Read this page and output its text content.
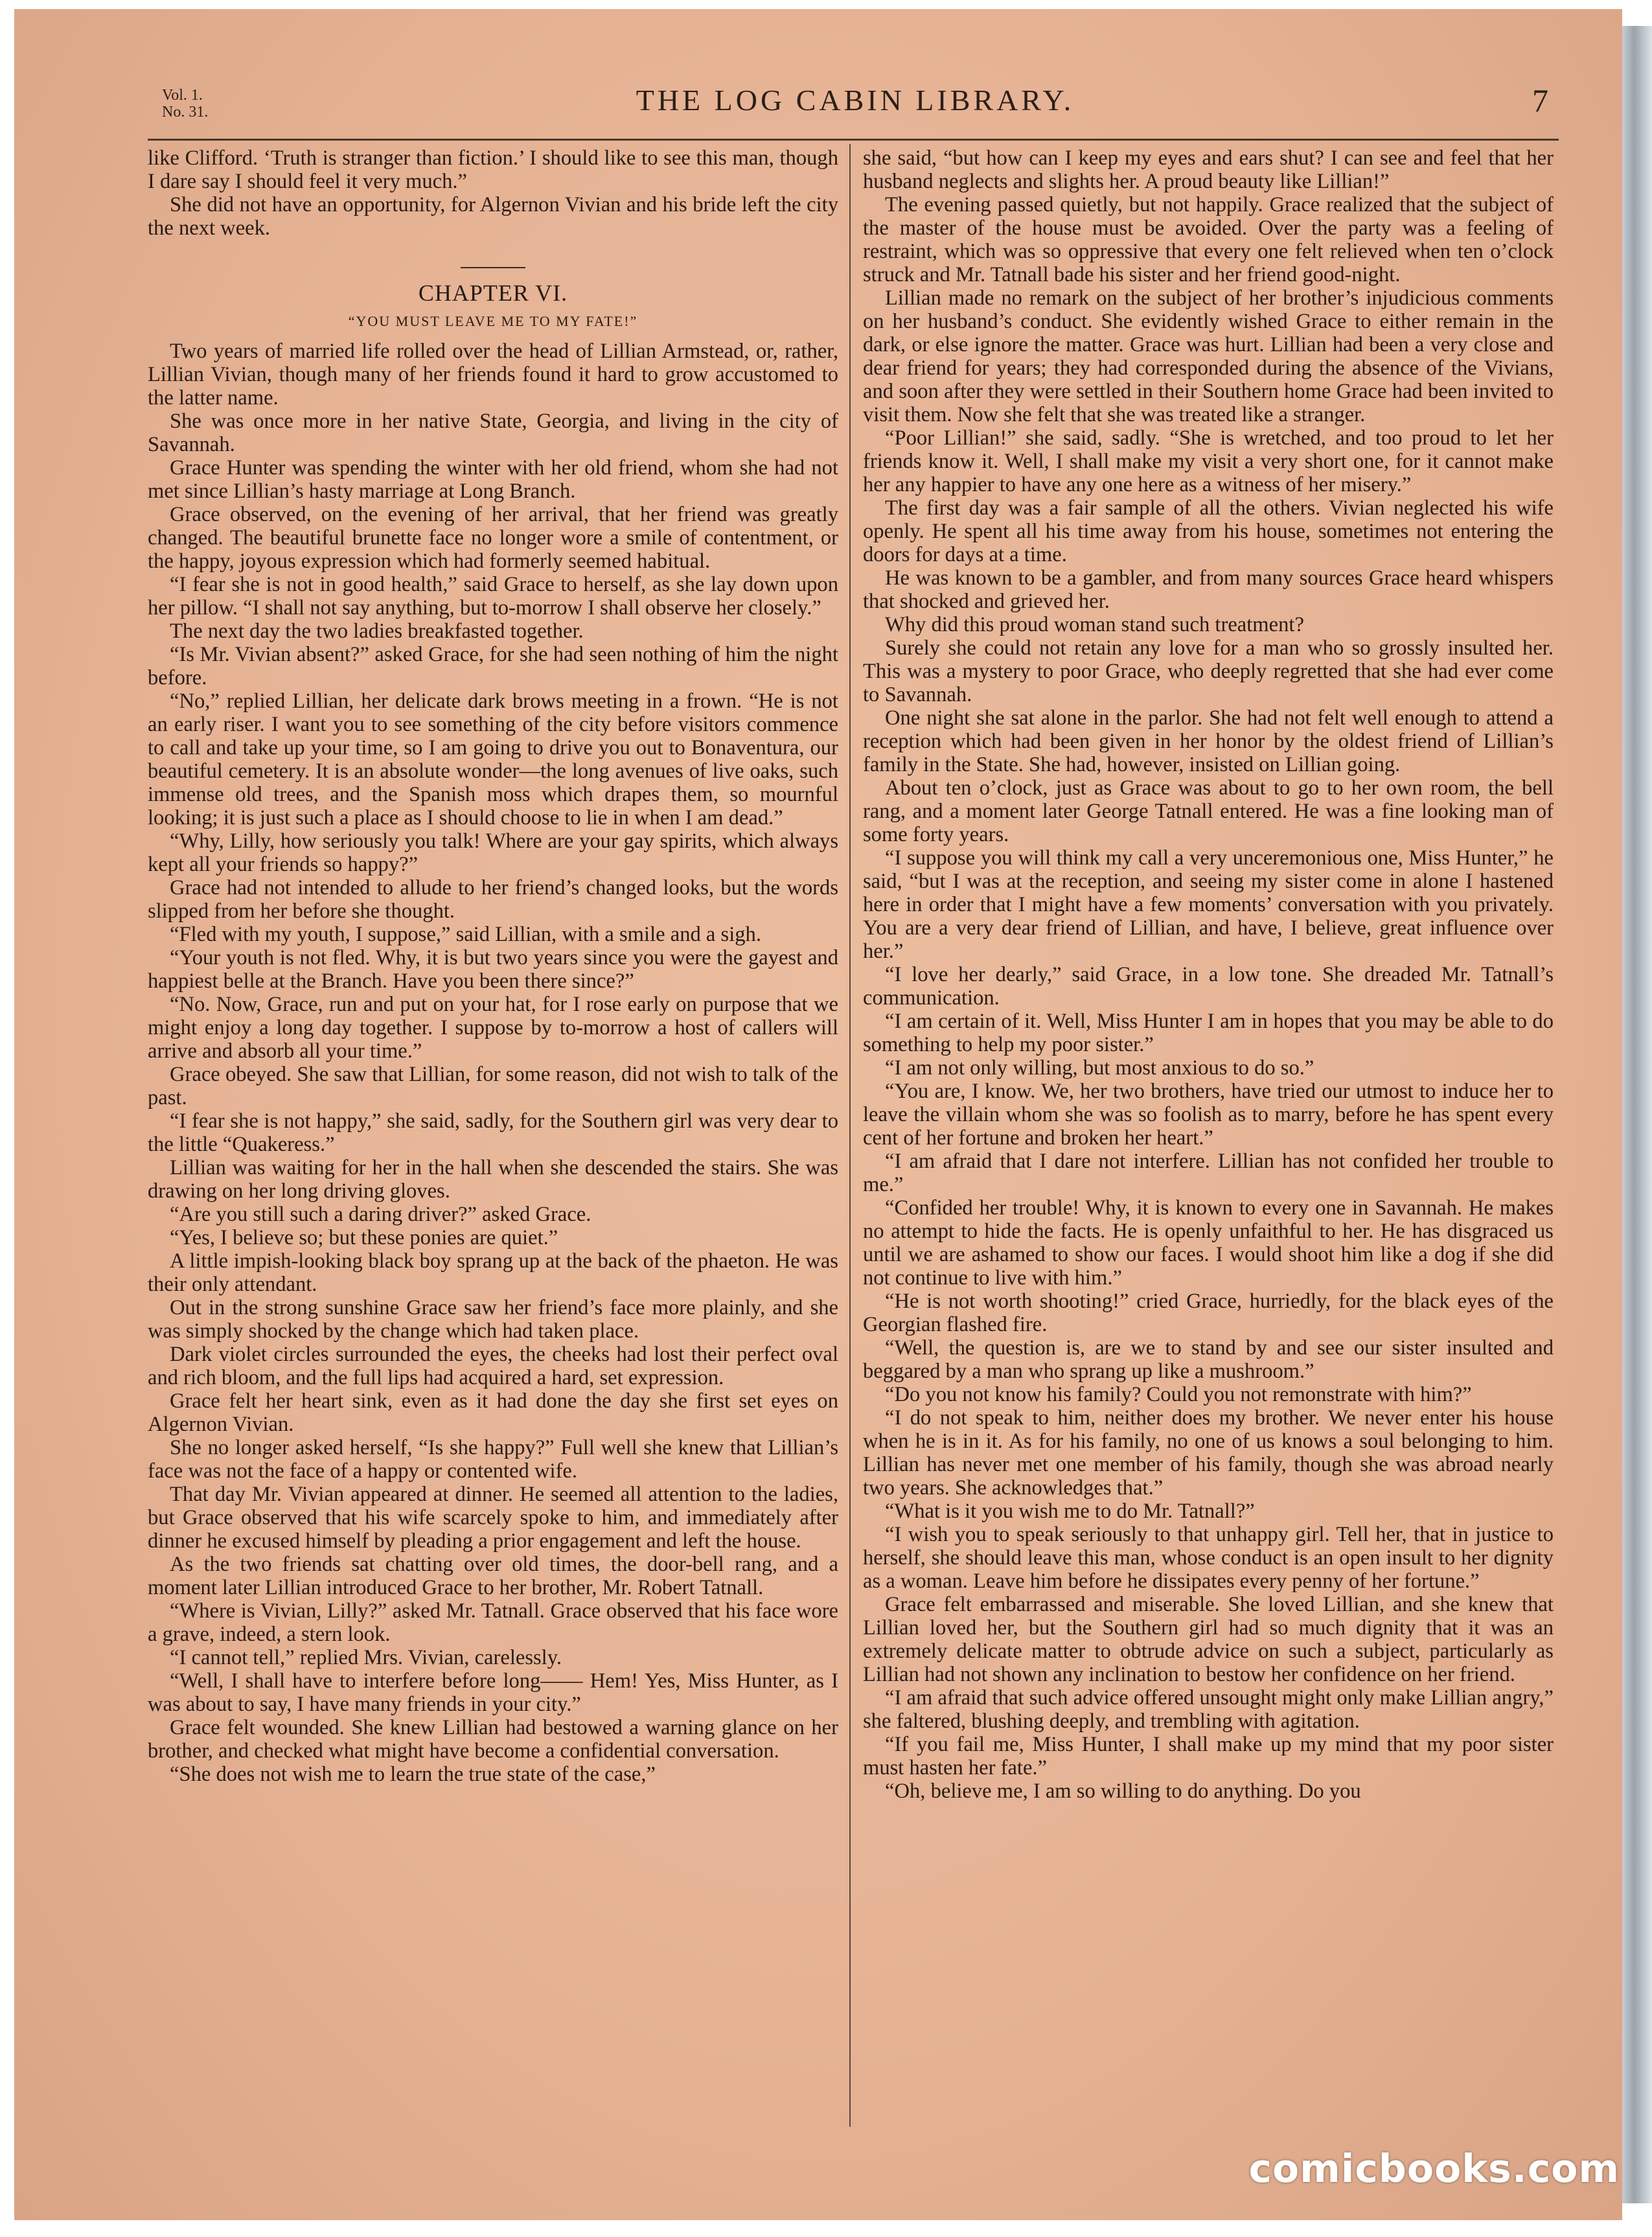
Vol. 1.
No. 31.	THE LOG CABIN LIBRARY.	7

like Clifford. ‘Truth is stranger than fiction.’ I should like to see this man, though I dare say I should feel it very much.”

She did not have an opportunity, for Algernon Vivian and his bride left the city the next week.

CHAPTER VI.
“YOU MUST LEAVE ME TO MY FATE!”

Two years of married life rolled over the head of Lillian Armstead, or, rather, Lillian Vivian, though many of her friends found it hard to grow accustomed to the latter name.

She was once more in her native State, Georgia, and living in the city of Savannah.

Grace Hunter was spending the winter with her old friend, whom she had not met since Lillian’s hasty marriage at Long Branch.

Grace observed, on the evening of her arrival, that her friend was greatly changed. The beautiful brunette face no longer wore a smile of contentment, or the happy, joyous expression which had formerly seemed habitual.

“I fear she is not in good health,” said Grace to herself, as she lay down upon her pillow. “I shall not say anything, but to-morrow I shall observe her closely.”

The next day the two ladies breakfasted together.

“Is Mr. Vivian absent?” asked Grace, for she had seen nothing of him the night before.

“No,” replied Lillian, her delicate dark brows meeting in a frown. “He is not an early riser. I want you to see something of the city before visitors commence to call and take up your time, so I am going to drive you out to Bonaventura, our beautiful cemetery. It is an absolute wonder—the long avenues of live oaks, such immense old trees, and the Spanish moss which drapes them, so mournful looking; it is just such a place as I should choose to lie in when I am dead.”

“Why, Lilly, how seriously you talk! Where are your gay spirits, which always kept all your friends so happy?”

Grace had not intended to allude to her friend’s changed looks, but the words slipped from her before she thought.

“Fled with my youth, I suppose,” said Lillian, with a smile and a sigh.

“Your youth is not fled. Why, it is but two years since you were the gayest and happiest belle at the Branch. Have you been there since?”

“No. Now, Grace, run and put on your hat, for I rose early on purpose that we might enjoy a long day together. I suppose by to-morrow a host of callers will arrive and absorb all your time.”

Grace obeyed. She saw that Lillian, for some reason, did not wish to talk of the past.

“I fear she is not happy,” she said, sadly, for the Southern girl was very dear to the little “Quakeress.”

Lillian was waiting for her in the hall when she descended the stairs. She was drawing on her long driving gloves.

“Are you still such a daring driver?” asked Grace.

“Yes, I believe so; but these ponies are quiet.”

A little impish-looking black boy sprang up at the back of the phaeton. He was their only attendant.

Out in the strong sunshine Grace saw her friend’s face more plainly, and she was simply shocked by the change which had taken place.

Dark violet circles surrounded the eyes, the cheeks had lost their perfect oval and rich bloom, and the full lips had acquired a hard, set expression.

Grace felt her heart sink, even as it had done the day she first set eyes on Algernon Vivian.

She no longer asked herself, “Is she happy?” Full well she knew that Lillian’s face was not the face of a happy or contented wife.

That day Mr. Vivian appeared at dinner. He seemed all attention to the ladies, but Grace observed that his wife scarcely spoke to him, and immediately after dinner he excused himself by pleading a prior engagement and left the house.

As the two friends sat chatting over old times, the door-bell rang, and a moment later Lillian introduced Grace to her brother, Mr. Robert Tatnall.

“Where is Vivian, Lilly?” asked Mr. Tatnall. Grace observed that his face wore a grave, indeed, a stern look.

“I cannot tell,” replied Mrs. Vivian, carelessly.

“Well, I shall have to interfere before long—— Hem! Yes, Miss Hunter, as I was about to say, I have many friends in your city.”

Grace felt wounded. She knew Lillian had bestowed a warning glance on her brother, and checked what might have become a confidential conversation.

“She does not wish me to learn the true state of the case,”

she said, “but how can I keep my eyes and ears shut? I can see and feel that her husband neglects and slights her. A proud beauty like Lillian!”

The evening passed quietly, but not happily. Grace realized that the subject of the master of the house must be avoided. Over the party was a feeling of restraint, which was so oppressive that every one felt relieved when ten o’clock struck and Mr. Tatnall bade his sister and her friend good-night.

Lillian made no remark on the subject of her brother’s injudicious comments on her husband’s conduct. She evidently wished Grace to either remain in the dark, or else ignore the matter. Grace was hurt. Lillian had been a very close and dear friend for years; they had corresponded during the absence of the Vivians, and soon after they were settled in their Southern home Grace had been invited to visit them. Now she felt that she was treated like a stranger.

“Poor Lillian!” she said, sadly. “She is wretched, and too proud to let her friends know it. Well, I shall make my visit a very short one, for it cannot make her any happier to have any one here as a witness of her misery.”

The first day was a fair sample of all the others. Vivian neglected his wife openly. He spent all his time away from his house, sometimes not entering the doors for days at a time.

He was known to be a gambler, and from many sources Grace heard whispers that shocked and grieved her.

Why did this proud woman stand such treatment?

Surely she could not retain any love for a man who so grossly insulted her. This was a mystery to poor Grace, who deeply regretted that she had ever come to Savannah.

One night she sat alone in the parlor. She had not felt well enough to attend a reception which had been given in her honor by the oldest friend of Lillian’s family in the State. She had, however, insisted on Lillian going.

About ten o’clock, just as Grace was about to go to her own room, the bell rang, and a moment later George Tatnall entered. He was a fine looking man of some forty years.

“I suppose you will think my call a very unceremonious one, Miss Hunter,” he said, “but I was at the reception, and seeing my sister come in alone I hastened here in order that I might have a few moments’ conversation with you privately. You are a very dear friend of Lillian, and have, I believe, great influence over her.”

“I love her dearly,” said Grace, in a low tone. She dreaded Mr. Tatnall’s communication.

“I am certain of it. Well, Miss Hunter I am in hopes that you may be able to do something to help my poor sister.”

“I am not only willing, but most anxious to do so.”

“You are, I know. We, her two brothers, have tried our utmost to induce her to leave the villain whom she was so foolish as to marry, before he has spent every cent of her fortune and broken her heart.”

“I am afraid that I dare not interfere. Lillian has not confided her trouble to me.”

“Confided her trouble! Why, it is known to every one in Savannah. He makes no attempt to hide the facts. He is openly unfaithful to her. He has disgraced us until we are ashamed to show our faces. I would shoot him like a dog if she did not continue to live with him.”

“He is not worth shooting!” cried Grace, hurriedly, for the black eyes of the Georgian flashed fire.

“Well, the question is, are we to stand by and see our sister insulted and beggared by a man who sprang up like a mushroom.”

“Do you not know his family? Could you not remonstrate with him?”

“I do not speak to him, neither does my brother. We never enter his house when he is in it. As for his family, no one of us knows a soul belonging to him. Lillian has never met one member of his family, though she was abroad nearly two years. She acknowledges that.”

“What is it you wish me to do Mr. Tatnall?”

“I wish you to speak seriously to that unhappy girl. Tell her, that in justice to herself, she should leave this man, whose conduct is an open insult to her dignity as a woman. Leave him before he dissipates every penny of her fortune.”

Grace felt embarrassed and miserable. She loved Lillian, and she knew that Lillian loved her, but the Southern girl had so much dignity that it was an extremely delicate matter to obtrude advice on such a subject, particularly as Lillian had not shown any inclination to bestow her confidence on her friend.

“I am afraid that such advice offered unsought might only make Lillian angry,” she faltered, blushing deeply, and trembling with agitation.

“If you fail me, Miss Hunter, I shall make up my mind that my poor sister must hasten her fate.”

“Oh, believe me, I am so willing to do anything. Do you

comicbooks.com
